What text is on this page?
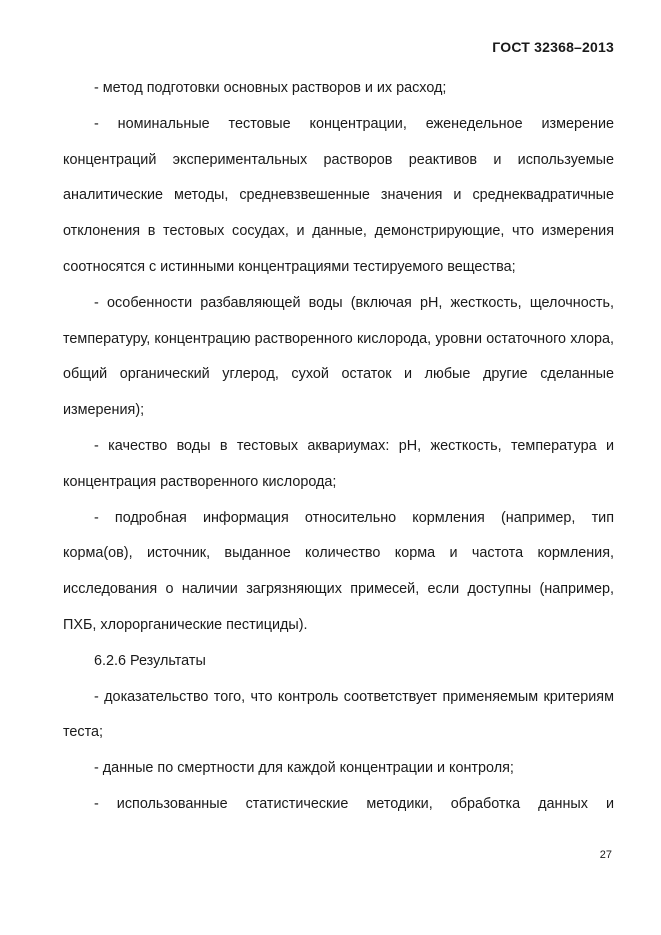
ГОСТ 32368–2013

- метод подготовки основных растворов и их расход;

- номинальные тестовые концентрации, еженедельное измерение концентраций экспериментальных растворов реактивов и используемые аналитические методы, средневзвешенные значения и среднеквадратичные отклонения в тестовых сосудах, и данные, демонстрирующие, что измерения соотносятся с истинными концентрациями тестируемого вещества;

- особенности разбавляющей воды (включая pH, жесткость, щелочность, температуру, концентрацию растворенного кислорода, уровни остаточного хлора, общий органический углерод, сухой остаток и любые другие сделанные измерения);

- качество воды в тестовых аквариумах: pH, жесткость, температура и концентрация растворенного кислорода;

- подробная информация относительно кормления (например, тип корма(ов), источник, выданное количество корма и частота кормления, исследования о наличии загрязняющих примесей, если доступны (например, ПХБ, хлорорганические пестициды).

6.2.6 Результаты

- доказательство того, что контроль соответствует применяемым критериям теста;

- данные по смертности для каждой концентрации и контроля;

- использованные статистические методики, обработка данных и

27
